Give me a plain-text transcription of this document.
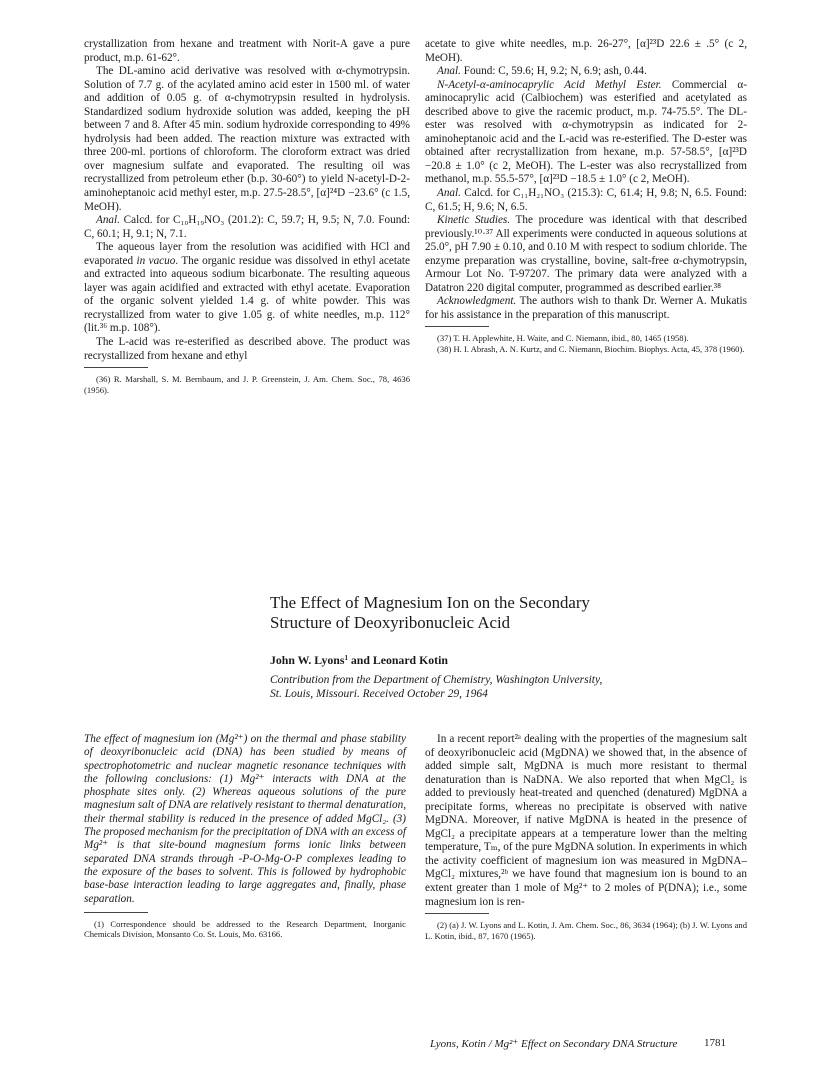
crystallization from hexane and treatment with Norit-A gave a pure product, m.p. 61-62°.

The DL-amino acid derivative was resolved with α-chymotrypsin. Solution of 7.7 g. of the acylated amino acid ester in 1500 ml. of water and addition of 0.05 g. of α-chymotrypsin resulted in hydrolysis. Standardized sodium hydroxide solution was added, keeping the pH between 7 and 8. After 45 min. sodium hydroxide corresponding to 49% hydrolysis had been added. The reaction mixture was extracted with three 200-ml. portions of chloroform. The cloroform extract was dried over magnesium sulfate and evaporated. The resulting oil was recrystallized from petroleum ether (b.p. 30-60°) to yield N-acetyl-D-2-aminoheptanoic acid methyl ester, m.p. 27.5-28.5°, [α]²⁴D −23.6° (c 1.5, MeOH).

Anal. Calcd. for C₁₀H₁₉NO₃ (201.2): C, 59.7; H, 9.5; N, 7.0. Found: C, 60.1; H, 9.1; N, 7.1.

The aqueous layer from the resolution was acidified with HCl and evaporated in vacuo. The organic residue was dissolved in ethyl acetate and extracted into aqueous sodium bicarbonate. The resulting aqueous layer was again acidified and extracted with ethyl acetate. Evaporation of the organic solvent yielded 1.4 g. of white powder. This was recrystallized from water to give 1.05 g. of white needles, m.p. 112° (lit.³⁶ m.p. 108°).

The L-acid was re-esterified as described above. The product was recrystallized from hexane and ethyl

(36) R. Marshall, S. M. Bernbaum, and J. P. Greenstein, J. Am. Chem. Soc., 78, 4636 (1956).

acetate to give white needles, m.p. 26-27°, [α]²³D 22.6 ± .5° (c 2, MeOH).

Anal. Found: C, 59.6; H, 9.2; N, 6.9; ash, 0.44.

N-Acetyl-α-aminocaprylic Acid Methyl Ester. Commercial α-aminocaprylic acid (Calbiochem) was esterified and acetylated as described above to give the racemic product, m.p. 74-75.5°. The DL-ester was resolved with α-chymotrypsin as indicated for 2-aminoheptanoic acid and the L-acid was re-esterified. The D-ester was obtained after recrystallization from hexane, m.p. 57-58.5°, [α]²³D −20.8 ± 1.0° (c 2, MeOH). The L-ester was also recrystallized from methanol, m.p. 55.5-57°, [α]²³D −18.5 ± 1.0° (c 2, MeOH).

Anal. Calcd. for C₁₁H₂₁NO₃ (215.3): C, 61.4; H, 9.8; N, 6.5. Found: C, 61.5; H, 9.6; N, 6.5.

Kinetic Studies. The procedure was identical with that described previously.¹⁰·³⁷ All experiments were conducted in aqueous solutions at 25.0°, pH 7.90 ± 0.10, and 0.10 M with respect to sodium chloride. The enzyme preparation was crystalline, bovine, salt-free α-chymotrypsin, Armour Lot No. T-97207. The primary data were analyzed with a Datatron 220 digital computer, programmed as described earlier.³⁸

Acknowledgment. The authors wish to thank Dr. Werner A. Mukatis for his assistance in the preparation of this manuscript.

(37) T. H. Applewhite, H. Waite, and C. Niemann, ibid., 80, 1465 (1958).

(38) H. I. Abrash, A. N. Kurtz, and C. Niemann, Biochim. Biophys. Acta, 45, 378 (1960).

The Effect of Magnesium Ion on the Secondary
Structure of Deoxyribonucleic Acid

John W. Lyons$^1$ and Leonard Kotin

Contribution from the Department of Chemistry, Washington University,
St. Louis, Missouri. Received October 29, 1964

The effect of magnesium ion (Mg²⁺) on the thermal and phase stability of deoxyribonucleic acid (DNA) has been studied by means of spectrophotometric and nuclear magnetic resonance techniques with the following conclusions: (1) Mg²⁺ interacts with DNA at the phosphate sites only. (2) Whereas aqueous solutions of the pure magnesium salt of DNA are relatively resistant to thermal denaturation, their thermal stability is reduced in the presence of added MgCl₂. (3) The proposed mechanism for the precipitation of DNA with an excess of Mg²⁺ is that site-bound magnesium forms ionic links between separated DNA strands through -P-O-Mg-O-P complexes leading to the exposure of the bases to solvent. This is followed by hydrophobic base-base interaction leading to large aggregates and, finally, phase separation.

(1) Correspondence should be addressed to the Research Department, Inorganic Chemicals Division, Monsanto Co. St. Louis, Mo. 63166.

In a recent report²ᵃ dealing with the properties of the magnesium salt of deoxyribonucleic acid (MgDNA) we showed that, in the absence of added simple salt, MgDNA is much more resistant to thermal denaturation than is NaDNA. We also reported that when MgCl₂ is added to previously heat-treated and quenched (denatured) MgDNA a precipitate forms, whereas no precipitate is observed with native MgDNA. Moreover, if native MgDNA is heated in the presence of MgCl₂ a precipitate appears at a temperature lower than the melting temperature, Tₘ, of the pure MgDNA solution. In experiments in which the activity coefficient of magnesium ion was measured in MgDNA–MgCl₂ mixtures,²ᵇ we have found that magnesium ion is bound to an extent greater than 1 mole of Mg²⁺ to 2 moles of P(DNA); i.e., some magnesium ion is ren-

(2) (a) J. W. Lyons and L. Kotin, J. Am. Chem. Soc., 86, 3634 (1964); (b) J. W. Lyons and L. Kotin, ibid., 87, 1670 (1965).

Lyons, Kotin / Mg²⁺ Effect on Secondary DNA Structure	1781
